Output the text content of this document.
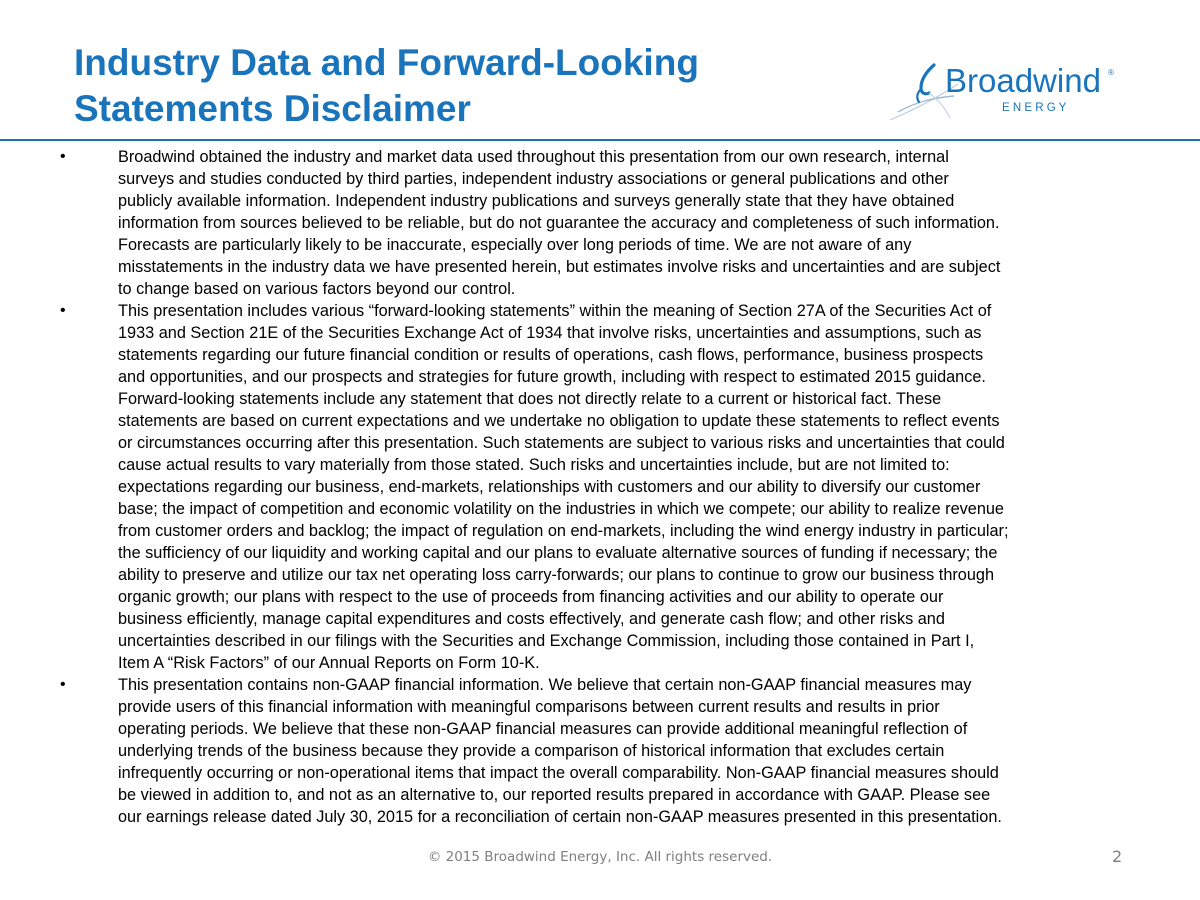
Industry Data and Forward-Looking
Statements Disclaimer
Broadwind ®
E N E R G Y
•	Broadwind obtained the industry and market data used throughout this presentation from our own research, internal
surveys and studies conducted by third parties, independent industry associations or general publications and other
publicly available information. Independent industry publications and surveys generally state that they have obtained
information from sources believed to be reliable, but do not guarantee the accuracy and completeness of such information.
Forecasts are particularly likely to be inaccurate, especially over long periods of time. We are not aware of any
misstatements in the industry data we have presented herein, but estimates involve risks and uncertainties and are subject
to change based on various factors beyond our control.
•	This presentation includes various “forward-looking statements” within the meaning of Section 27A of the Securities Act of
1933 and Section 21E of the Securities Exchange Act of 1934 that involve risks, uncertainties and assumptions, such as
statements regarding our future financial condition or results of operations, cash flows, performance, business prospects
and opportunities, and our prospects and strategies for future growth, including with respect to estimated 2015 guidance.
Forward-looking statements include any statement that does not directly relate to a current or historical fact. These
statements are based on current expectations and we undertake no obligation to update these statements to reflect events
or circumstances occurring after this presentation. Such statements are subject to various risks and uncertainties that could
cause actual results to vary materially from those stated. Such risks and uncertainties include, but are not limited to:
expectations regarding our business, end-markets, relationships with customers and our ability to diversify our customer
base; the impact of competition and economic volatility on the industries in which we compete; our ability to realize revenue
from customer orders and backlog; the impact of regulation on end-markets, including the wind energy industry in particular;
the sufficiency of our liquidity and working capital and our plans to evaluate alternative sources of funding if necessary; the
ability to preserve and utilize our tax net operating loss carry-forwards; our plans to continue to grow our business through
organic growth; our plans with respect to the use of proceeds from financing activities and our ability to operate our
business efficiently, manage capital expenditures and costs effectively, and generate cash flow; and other risks and
uncertainties described in our filings with the Securities and Exchange Commission, including those contained in Part I,
Item A “Risk Factors” of our Annual Reports on Form 10-K.
•	This presentation contains non-GAAP financial information. We believe that certain non-GAAP financial measures may
provide users of this financial information with meaningful comparisons between current results and results in prior
operating periods. We believe that these non-GAAP financial measures can provide additional meaningful reflection of
underlying trends of the business because they provide a comparison of historical information that excludes certain
infrequently occurring or non-operational items that impact the overall comparability. Non-GAAP financial measures should
be viewed in addition to, and not as an alternative to, our reported results prepared in accordance with GAAP. Please see
our earnings release dated July 30, 2015 for a reconciliation of certain non-GAAP measures presented in this presentation.
© 2015 Broadwind Energy, Inc. All rights reserved.	2
